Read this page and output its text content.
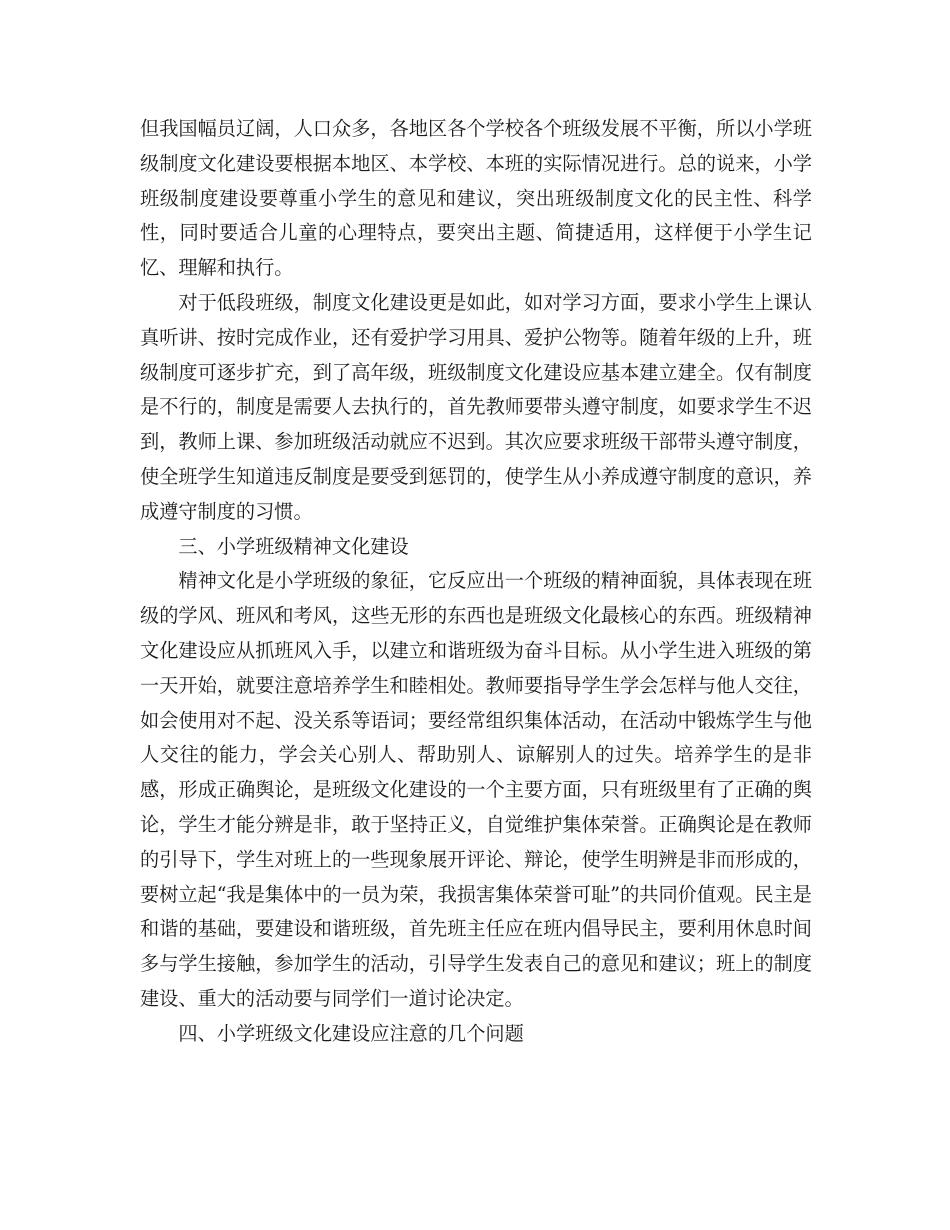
但我国幅员辽阔，人口众多，各地区各个学校各个班级发展不平衡，所以小学班级制度文化建设要根据本地区、本学校、本班的实际情况进行。总的说来，小学班级制度建设要尊重小学生的意见和建议，突出班级制度文化的民主性、科学性，同时要适合儿童的心理特点，要突出主题、简捷适用，这样便于小学生记忆、理解和执行。

对于低段班级，制度文化建设更是如此，如对学习方面，要求小学生上课认真听讲、按时完成作业，还有爱护学习用具、爱护公物等。随着年级的上升，班级制度可逐步扩充，到了高年级，班级制度文化建设应基本建立建全。仅有制度是不行的，制度是需要人去执行的，首先教师要带头遵守制度，如要求学生不迟到，教师上课、参加班级活动就应不迟到。其次应要求班级干部带头遵守制度，使全班学生知道违反制度是要受到惩罚的，使学生从小养成遵守制度的意识，养成遵守制度的习惯。

三、小学班级精神文化建设

精神文化是小学班级的象征，它反应出一个班级的精神面貌，具体表现在班级的学风、班风和考风，这些无形的东西也是班级文化最核心的东西。班级精神文化建设应从抓班风入手，以建立和谐班级为奋斗目标。从小学生进入班级的第一天开始，就要注意培养学生和睦相处。教师要指导学生学会怎样与他人交往，如会使用对不起、没关系等语词；要经常组织集体活动，在活动中锻炼学生与他人交往的能力，学会关心别人、帮助别人、谅解别人的过失。培养学生的是非感，形成正确舆论，是班级文化建设的一个主要方面，只有班级里有了正确的舆论，学生才能分辨是非，敢于坚持正义，自觉维护集体荣誉。正确舆论是在教师的引导下，学生对班上的一些现象展开评论、辩论，使学生明辨是非而形成的，要树立起“我是集体中的一员为荣，我损害集体荣誉可耻”的共同价值观。民主是和谐的基础，要建设和谐班级，首先班主任应在班内倡导民主，要利用休息时间多与学生接触，参加学生的活动，引导学生发表自己的意见和建议；班上的制度建设、重大的活动要与同学们一道讨论决定。

四、小学班级文化建设应注意的几个问题
